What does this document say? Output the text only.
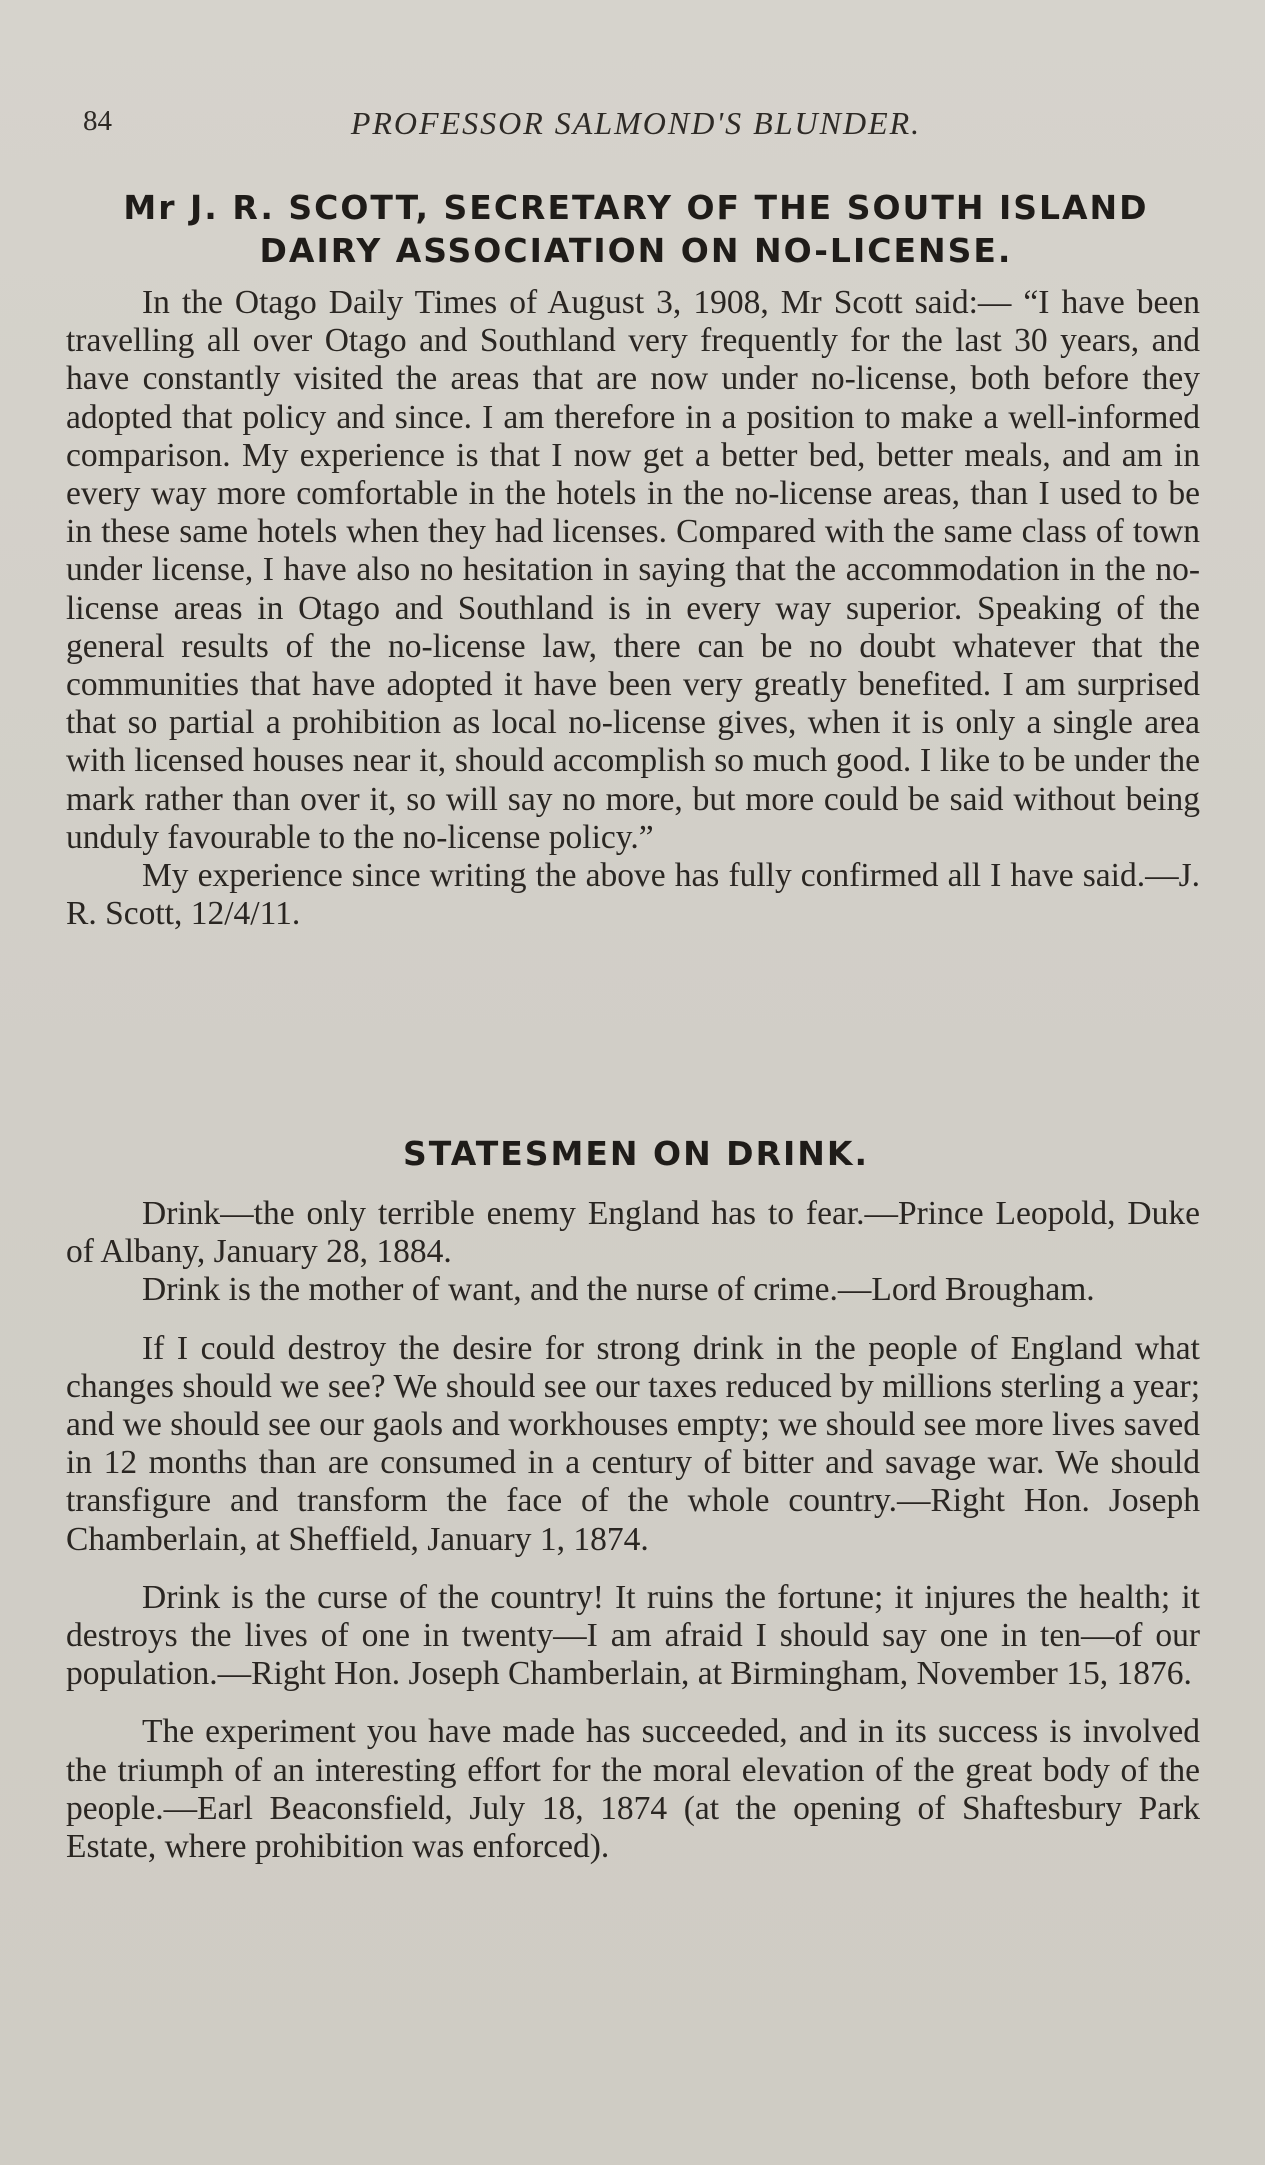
84	PROFESSOR SALMOND'S BLUNDER.
Mr J. R. SCOTT, SECRETARY OF THE SOUTH ISLAND DAIRY ASSOCIATION ON NO-LICENSE.

In the Otago Daily Times of August 3, 1908, Mr Scott said:— “I have been travelling all over Otago and Southland very frequently for the last 30 years, and have constantly visited the areas that are now under no-license, both before they adopted that policy and since. I am therefore in a position to make a well-informed comparison. My experience is that I now get a better bed, better meals, and am in every way more comfortable in the hotels in the no-license areas, than I used to be in these same hotels when they had licenses. Compared with the same class of town under license, I have also no hesitation in saying that the accommodation in the no-license areas in Otago and Southland is in every way superior. Speaking of the general results of the no-license law, there can be no doubt whatever that the communities that have adopted it have been very greatly benefited. I am surprised that so partial a prohibition as local no-license gives, when it is only a single area with licensed houses near it, should accomplish so much good. I like to be under the mark rather than over it, so will say no more, but more could be said without being unduly favourable to the no-license policy.”

My experience since writing the above has fully confirmed all I have said.—J. R. Scott, 12/4/11.

STATESMEN ON DRINK.

Drink—the only terrible enemy England has to fear.—Prince Leopold, Duke of Albany, January 28, 1884.

Drink is the mother of want, and the nurse of crime.—Lord Brougham.

If I could destroy the desire for strong drink in the people of England what changes should we see? We should see our taxes reduced by millions sterling a year; and we should see our gaols and workhouses empty; we should see more lives saved in 12 months than are consumed in a century of bitter and savage war. We should transfigure and transform the face of the whole country.—Right Hon. Joseph Chamberlain, at Sheffield, January 1, 1874.

Drink is the curse of the country! It ruins the fortune; it injures the health; it destroys the lives of one in twenty—I am afraid I should say one in ten—of our population.—Right Hon. Joseph Chamberlain, at Birmingham, November 15, 1876.

The experiment you have made has succeeded, and in its success is involved the triumph of an interesting effort for the moral elevation of the great body of the people.—Earl Beaconsfield, July 18, 1874 (at the opening of Shaftesbury Park Estate, where prohibition was enforced).
